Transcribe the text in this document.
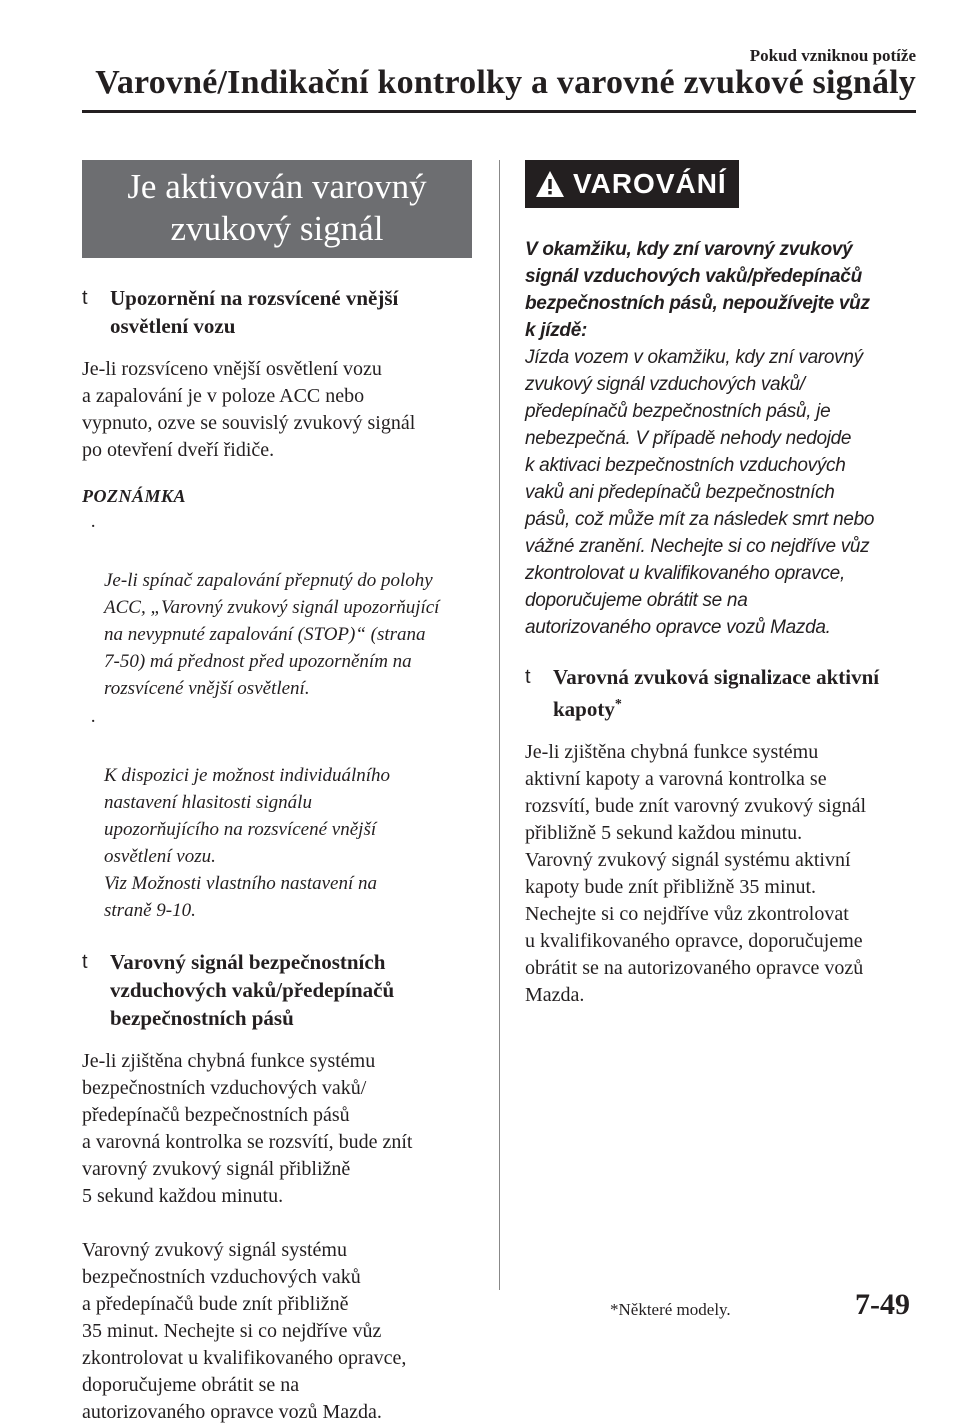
Pokud vzniknou potíže
Varovné/Indikační kontrolky a varovné zvukové signály
Je aktivován varovný
zvukový signál
t Upozornění na rozsvícené vnější osvětlení vozu
Je-li rozsvíceno vnější osvětlení vozu
a zapalování je v poloze ACC nebo
vypnuto, ozve se souvislý zvukový signál
po otevření dveří řidiče.
POZNÁMKA

·

Je-li spínač zapalování přepnutý do polohy
ACC, „Varovný zvukový signál upozorňující
na nevypnuté zapalování (STOP)“ (strana
7-50) má přednost před upozorněním na
rozsvícené vnější osvětlení.

·

K dispozici je možnost individuálního
nastavení hlasitosti signálu
upozorňujícího na rozsvícené vnější
osvětlení vozu.
Viz Možnosti vlastního nastavení na
straně 9-10.

t Varovný signál bezpečnostních vzduchových vaků/předepínačů bezpečnostních pásů
Je-li zjištěna chybná funkce systému
bezpečnostních vzduchových vaků/
předepínačů bezpečnostních pásů
a varovná kontrolka se rozsvítí, bude znít
varovný zvukový signál přibližně
5 sekund každou minutu.
Varovný zvukový signál systému
bezpečnostních vzduchových vaků
a předepínačů bude znít přibližně
35 minut. Nechejte si co nejdříve vůz
zkontrolovat u kvalifikovaného opravce,
doporučujeme obrátit se na
autorizovaného opravce vozů Mazda.
VAROVÁNÍ
V okamžiku, kdy zní varovný zvukový
signál vzduchových vaků/předepínačů
bezpečnostních pásů, nepoužívejte vůz
k jízdě:
Jízda vozem v okamžiku, kdy zní varovný
zvukový signál vzduchových vaků/
předepínačů bezpečnostních pásů, je
nebezpečná. V případě nehody nedojde
k aktivaci bezpečnostních vzduchových
vaků ani předepínačů bezpečnostních
pásů, což může mít za následek smrt nebo
vážné zranění. Nechejte si co nejdříve vůz
zkontrolovat u kvalifikovaného opravce,
doporučujeme obrátit se na
autorizovaného opravce vozů Mazda.
t Varovná zvuková signalizace aktivní kapoty*
Je-li zjištěna chybná funkce systému
aktivní kapoty a varovná kontrolka se
rozsvítí, bude znít varovný zvukový signál
přibližně 5 sekund každou minutu.
Varovný zvukový signál systému aktivní
kapoty bude znít přibližně 35 minut.
Nechejte si co nejdříve vůz zkontrolovat
u kvalifikovaného opravce, doporučujeme
obrátit se na autorizovaného opravce vozů
Mazda.
*Některé modely.	7-49
